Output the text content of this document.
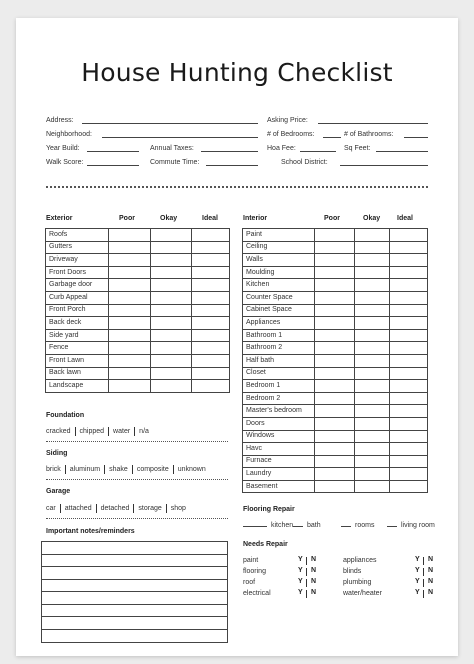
House Hunting Checklist
Address:	Asking Price:
Neighborhood:	# of Bedrooms:	# of Bathrooms:
Year Build:	Annual Taxes:	Hoa Fee:	Sq Feet:
Walk Score:	Commute Time:	School District:
Exterior	Poor	Okay	Ideal
Roofs			
Gutters			
Driveway			
Front Doors			
Garbage door			
Curb Appeal			
Front Porch			
Back deck			
Side yard			
Fence			
Front Lawn			
Back lawn			
Landscape			
Interior	Poor	Okay Ideal
Paint			
Ceiling			
Walls			
Moulding			
Kitchen			
Counter Space			
Cabinet Space			
Appliances			
Bathroom 1			
Bathroom 2			
Half bath			
Closet			
Bedroom 1			
Bedroom 2			
Master's bedroom			
Doors			
Windows			
Havc			
Furnace			
Laundry			
Basement			
Foundation
cracked	chipped	water	n/a
Siding
brick	aluminum	shake	composite	unknown
Garage
car	attached	detached	storage	shop
Important notes/reminders
Flooring Repair
kitchen bath	rooms	living room
Needs Repair
paint	Y N
flooring	Y N
roof	Y N
electrical	Y N
appliances	Y N
blinds	Y N
plumbing	Y N
water/heater	Y N
